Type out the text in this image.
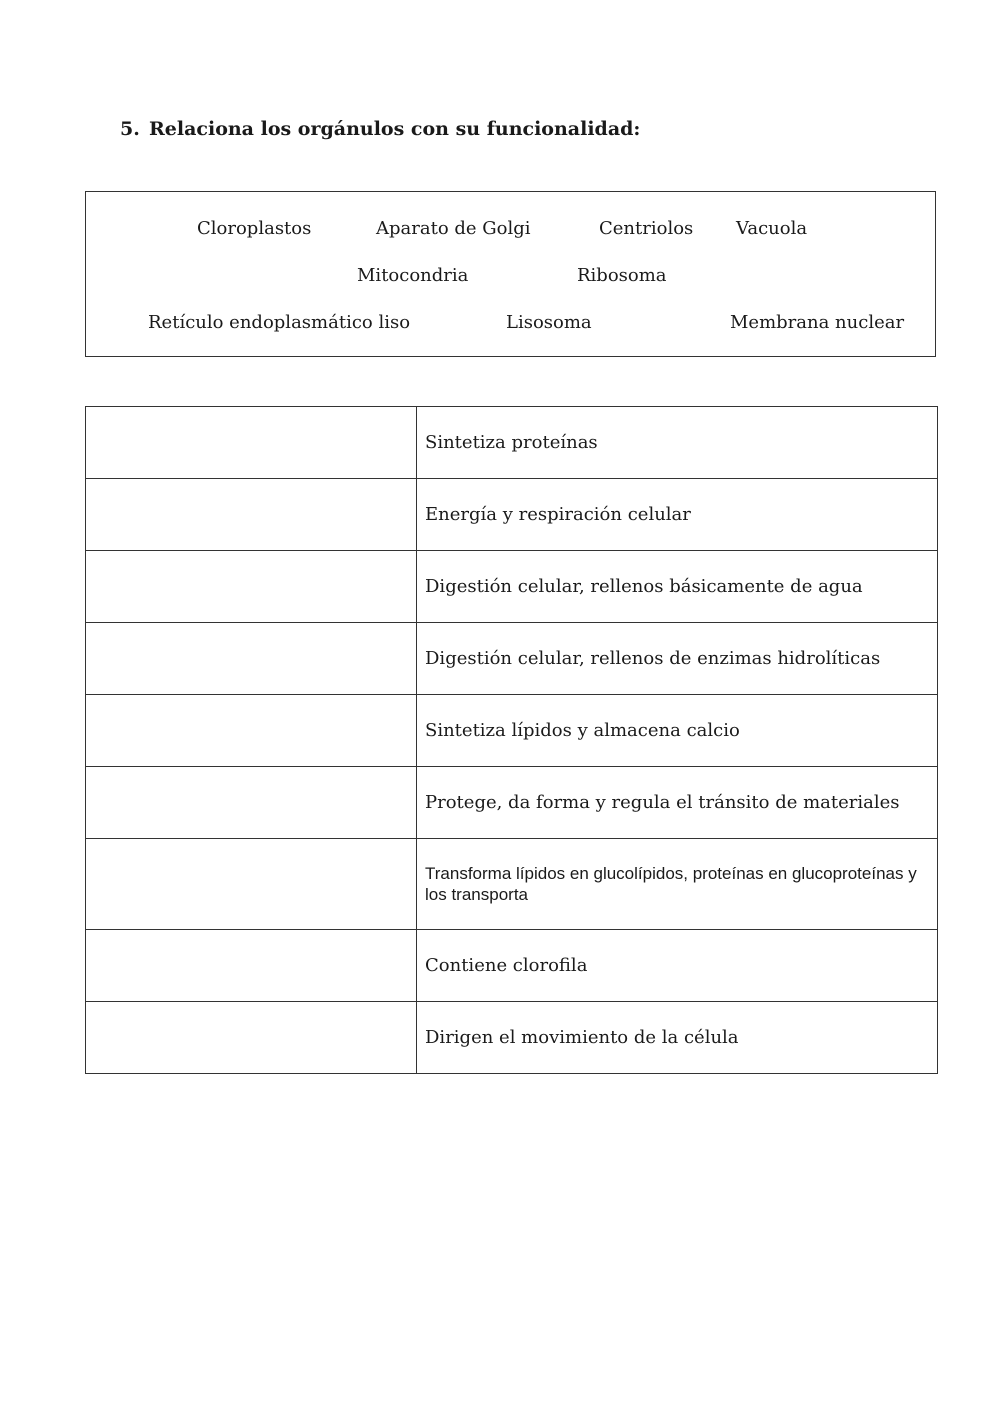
5. Relaciona los orgánulos con su funcionalidad:
Cloroplastos	Aparato de Golgi	Centriolos Vacuola
Mitocondria	Ribosoma
Retículo endoplasmático liso	Lisosoma	Membrana nuclear
	Sintetiza proteínas

	Energía y respiración celular

	Digestión celular, rellenos básicamente de agua

	Digestión celular, rellenos de enzimas hidrolíticas

	Sintetiza lípidos y almacena calcio

	Protege, da forma y regula el tránsito de materiales

	Transforma lípidos en glucolípidos, proteínas en glucoproteínas y los transporta

	Contiene clorofila

	Dirigen el movimiento de la célula
